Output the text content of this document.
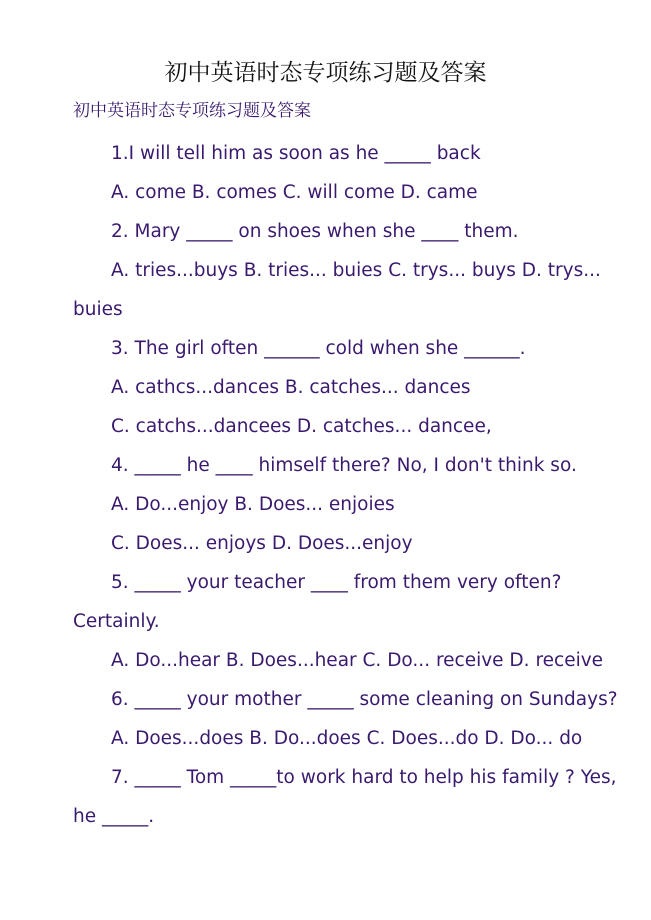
初中英语时态专项练习题及答案
初中英语时态专项练习题及答案
1.I will tell him as soon as he _____ back
A. come B. comes C. will come D. came
2. Mary _____ on shoes when she ____ them.
A. tries...buys B. tries... buies C. trys... buys D. trys...
buies
3. The girl often ______ cold when she ______.
A. cathcs...dances B. catches... dances
C. catchs...dancees D. catches... dancee,
4. _____ he ____ himself there? No, I don't think so.
A. Do...enjoy B. Does... enjoies
C. Does... enjoys D. Does...enjoy
5. _____ your teacher ____ from them very often?
Certainly.
A. Do...hear B. Does...hear C. Do... receive D. receive
6. _____ your mother _____ some cleaning on Sundays?
A. Does...does B. Do...does C. Does...do D. Do... do
7. _____ Tom _____to work hard to help his family ? Yes,
he _____.
